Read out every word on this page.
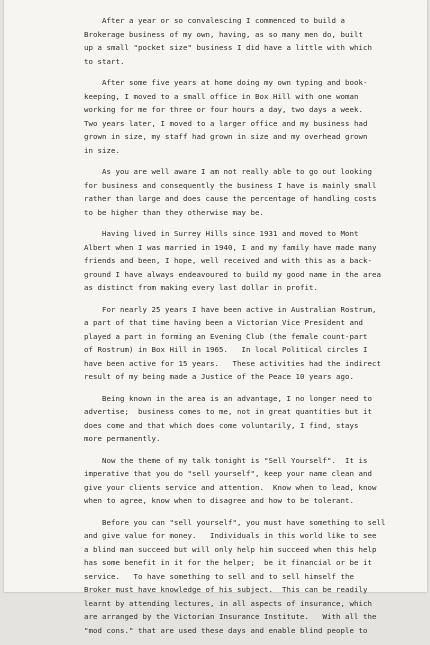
After a year or so convalescing I commenced to build a
Brokerage business of my own, having, as so many men do, built
up a small "pocket size" business I did have a little with which
to start.

After some five years at home doing my own typing and book-
keeping, I moved to a small office in Box Hill with one woman
working for me for three or four hours a day, two days a week.
Two years later, I moved to a larger office and my business had
grown in size, my staff had grown in size and my overhead grown
in size.

As you are well aware I am not really able to go out looking
for business and consequently the business I have is mainly small
rather than large and does cause the percentage of handling costs
to be higher than they otherwise may be.

Having lived in Surrey Hills since 1931 and moved to Mont
Albert when I was married in 1940, I and my family have made many
friends and been, I hope, well received and with this as a back-
ground I have always endeavoured to build my good name in the area
as distinct from making every last dollar in profit.

For nearly 25 years I have been active in Australian Rostrum,
a part of that time having been a Victorian Vice President and
played a part in forming an Evening Club (the female count-part
of Rostrum) in Box Hill in 1965.   In local Political circles I
have been active for 15 years.   These activities had the indirect
result of my being made a Justice of the Peace 10 years ago.

Being known in the area is an advantage, I no longer need to
advertise;  business comes to me, not in great quantities but it
does come and that which does come voluntarily, I find, stays
more permanently.

Now the theme of my talk tonight is "Sell Yourself".  It is
imperative that you do "sell yourself", keep your name clean and
give your clients service and attention.  Know when to lead, know
when to agree, know when to disagree and how to be tolerant.

Before you can "sell yourself", you must have something to sell
and give value for money.   Individuals in this world like to see
a blind man succeed but will only help him succeed when this help
has some benefit in it for the helper;  be it financial or be it
service.   To have something to sell and to sell himself the
Broker must have knowledge of his subject.  This can be readily
learnt by attending lectures, in all aspects of insurance, which
are arranged by the Victorian Insurance Institute.   With all the
"mod cons." that are used these days and enable blind people to
